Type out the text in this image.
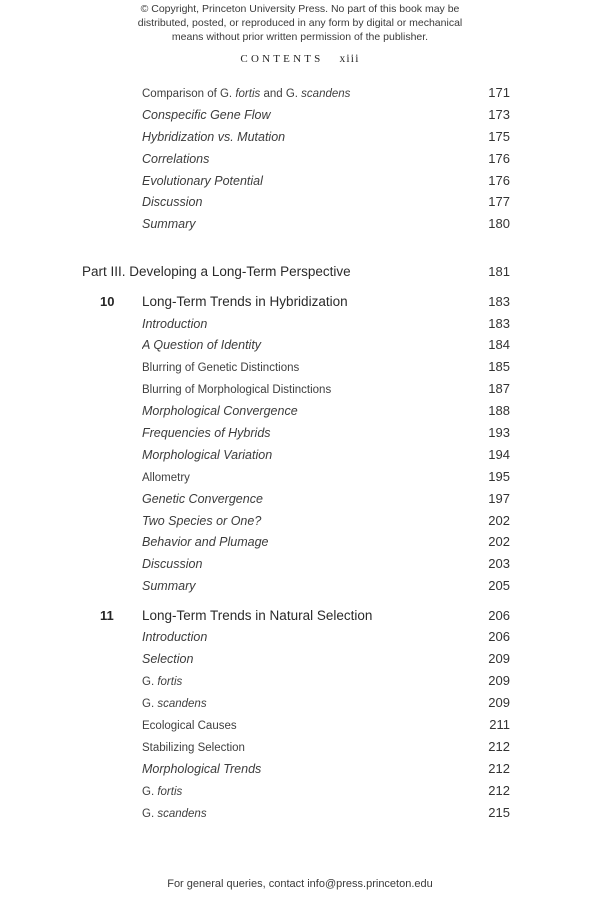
© Copyright, Princeton University Press. No part of this book may be
distributed, posted, or reproduced in any form by digital or mechanical
means without prior written permission of the publisher.
CONTENTS xiii
Comparison of G. fortis and G. scandens	171
Conspecific Gene Flow	173
Hybridization vs. Mutation	175
Correlations	176
Evolutionary Potential	176
Discussion	177
Summary	180
Part III. Developing a Long-Term Perspective	181
10	Long-Term Trends in Hybridization	183
Introduction	183
A Question of Identity	184
Blurring of Genetic Distinctions	185
Blurring of Morphological Distinctions	187
Morphological Convergence	188
Frequencies of Hybrids	193
Morphological Variation	194
Allometry	195
Genetic Convergence	197
Two Species or One?	202
Behavior and Plumage	202
Discussion	203
Summary	205
11	Long-Term Trends in Natural Selection	206
Introduction	206
Selection	209
G. fortis	209
G. scandens	209
Ecological Causes	211
Stabilizing Selection	212
Morphological Trends	212
G. fortis	212
G. scandens	215
For general queries, contact info@press.princeton.edu
